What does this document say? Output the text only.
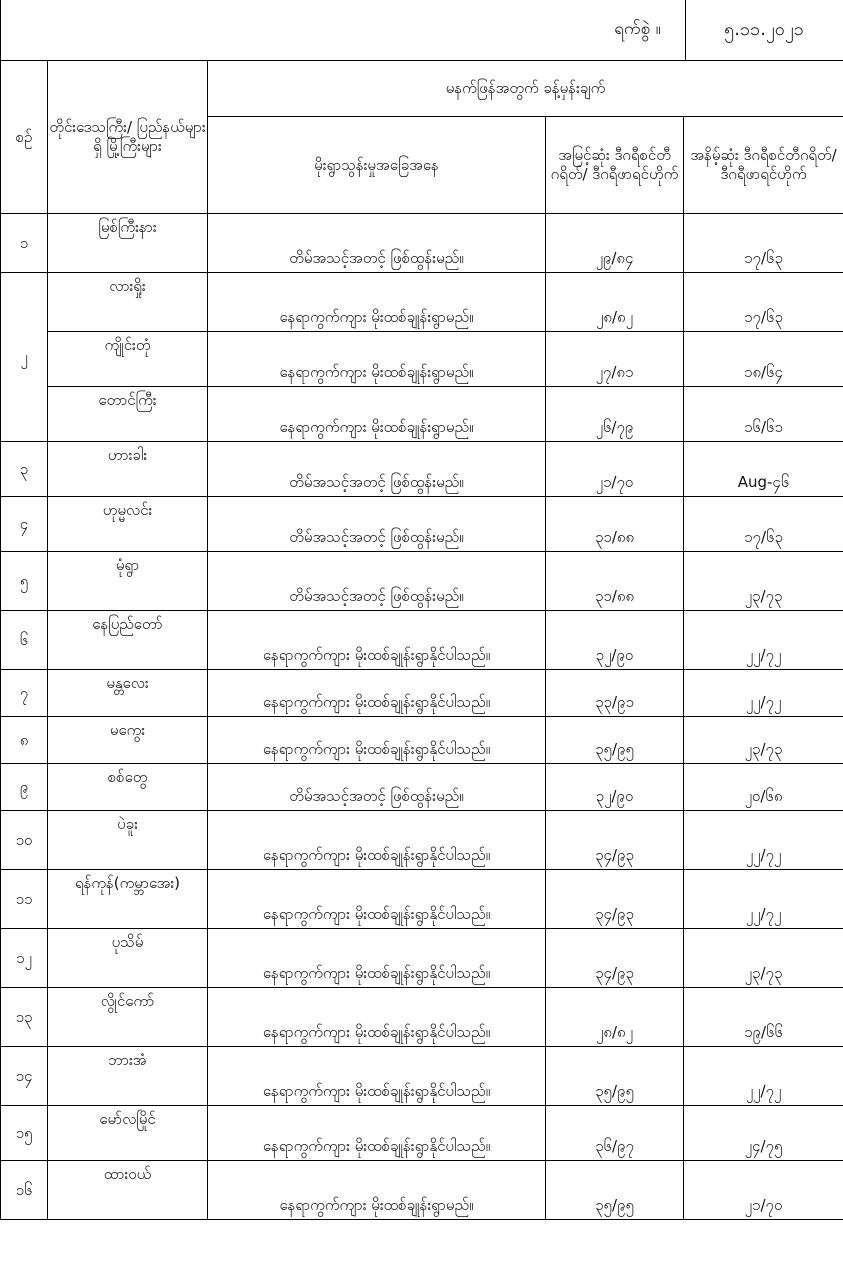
ရက်စွဲ ။	၅.၁၁.၂၀၂၁
စဉ်	တိုင်းဒေသကြီး/ ပြည်နယ်များရှိ မြို့ကြီးများ	မနက်ဖြန်အတွက် ခန့်မှန်းချက်		
		မိုးရွာသွန်းမှုအခြေအနေ	အမြင့်ဆုံး ဒီဂရီစင်တီဂရိတ်/ ဒီဂရီဖာရင်ဟိုက်	အနိမ့်ဆုံး ဒီဂရီစင်တီဂရိတ်/ ဒီဂရီဖာရင်ဟိုက်
၁	မြစ်ကြီးနား	တိမ်အသင့်အတင့် ဖြစ်ထွန်းမည်။	၂၉/၈၄	၁၇/၆၃
၂	လားရှိုး	နေရာကွက်ကျား မိုးထစ်ချုန်းရွာမည်။	၂၈/၈၂	၁၇/၆၃
	ကျိုင်းတုံ	နေရာကွက်ကျား မိုးထစ်ချုန်းရွာမည်။	၂၇/၈၁	၁၈/၆၄
	တောင်ကြီး	နေရာကွက်ကျား မိုးထစ်ချုန်းရွာမည်။	၂၆/၇၉	၁၆/၆၁
၃	ဟားခါး	တိမ်အသင့်အတင့် ဖြစ်ထွန်းမည်။	၂၁/၇၀	Aug-၄၆
၄	ဟုမ္မလင်း	တိမ်အသင့်အတင့် ဖြစ်ထွန်းမည်။	၃၁/၈၈	၁၇/၆၃
၅	မုံရွာ	တိမ်အသင့်အတင့် ဖြစ်ထွန်းမည်။	၃၁/၈၈	၂၃/၇၃
၆	နေပြည်တော်	နေရာကွက်ကျား မိုးထစ်ချုန်းရွာနိုင်ပါသည်။	၃၂/၉၀	၂၂/၇၂
၇	မန္တလေး	နေရာကွက်ကျား မိုးထစ်ချုန်းရွာနိုင်ပါသည်။	၃၃/၉၁	၂၂/၇၂
၈	မကွေး	နေရာကွက်ကျား မိုးထစ်ချုန်းရွာနိုင်ပါသည်။	၃၅/၉၅	၂၃/၇၃
၉	စစ်တွေ	တိမ်အသင့်အတင့် ဖြစ်ထွန်းမည်။	၃၂/၉၀	၂၀/၆၈
၁၀	ပဲခူး	နေရာကွက်ကျား မိုးထစ်ချုန်းရွာနိုင်ပါသည်။	၃၄/၉၃	၂၂/၇၂
၁၁	ရန်ကုန်(ကမ္ဘာအေး)	နေရာကွက်ကျား မိုးထစ်ချုန်းရွာနိုင်ပါသည်။	၃၄/၉၃	၂၂/၇၂
၁၂	ပုသိမ်	နေရာကွက်ကျား မိုးထစ်ချုန်းရွာနိုင်ပါသည်။	၃၄/၉၃	၂၃/၇၃
၁၃	လွိုင်ကော်	နေရာကွက်ကျား မိုးထစ်ချုန်းရွာနိုင်ပါသည်။	၂၈/၈၂	၁၉/၆၆
၁၄	ဘားအံ	နေရာကွက်ကျား မိုးထစ်ချုန်းရွာနိုင်ပါသည်။	၃၅/၉၅	၂၂/၇၂
၁၅	မော်လမြိုင်	နေရာကွက်ကျား မိုးထစ်ချုန်းရွာနိုင်ပါသည်။	၃၆/၉၇	၂၄/၇၅
၁၆	ထားဝယ်	နေရာကွက်ကျား မိုးထစ်ချုန်းရွာမည်။	၃၅/၉၅	၂၁/၇၀
